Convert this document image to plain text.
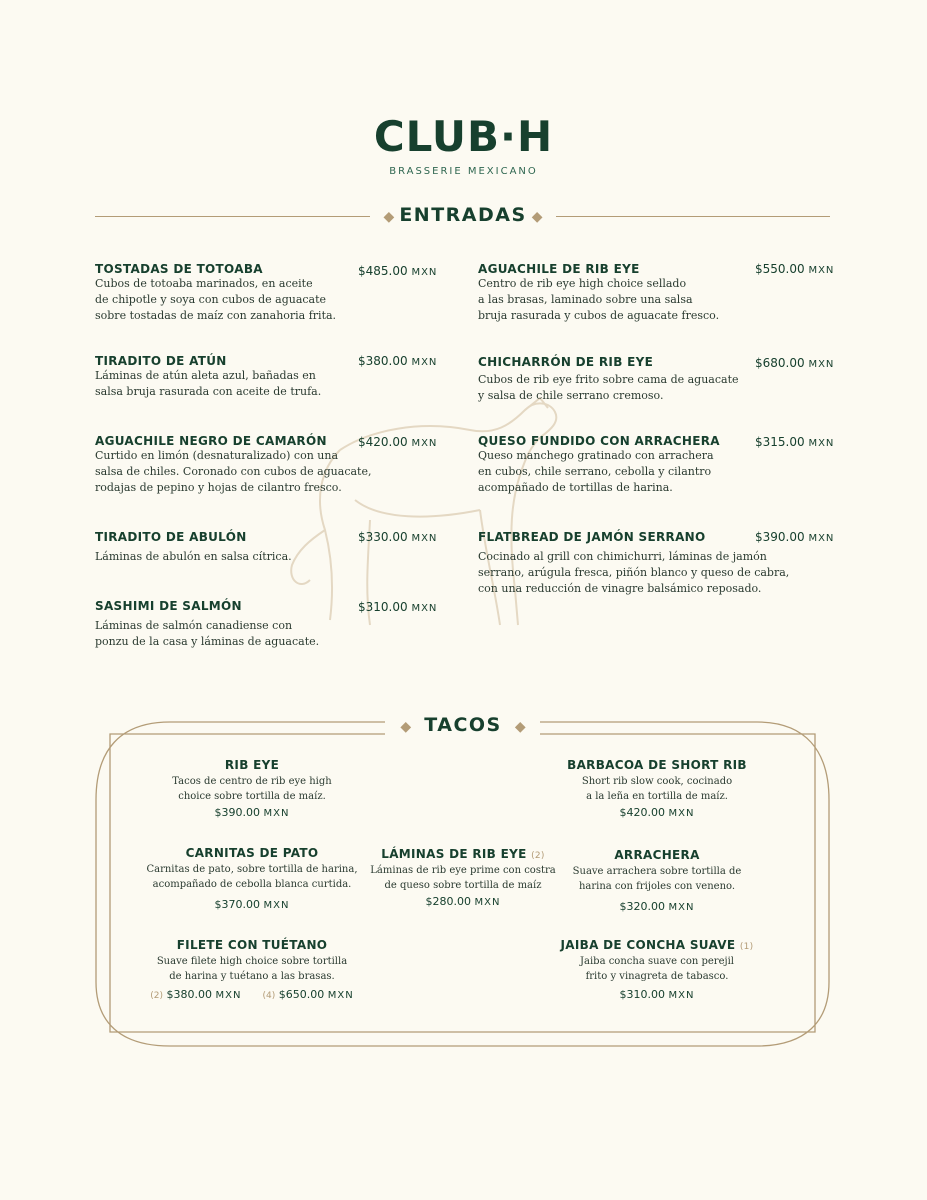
CLUB·H
BRASSERIE MEXICANO
◆ ENTRADAS ◆
TOSTADAS DE TOTOABA
Cubos de totoaba marinados, en aceite
de chipotle y soya con cubos de aguacate
sobre tostadas de maíz con zanahoria frita.
$485.00 MXN
TIRADITO DE ATÚN
Láminas de atún aleta azul, bañadas en
salsa bruja rasurada con aceite de trufa.
$380.00 MXN
AGUACHILE NEGRO DE CAMARÓN
Curtido en limón (desnaturalizado) con una
salsa de chiles. Coronado con cubos de aguacate,
rodajas de pepino y hojas de cilantro fresco.
$420.00 MXN
TIRADITO DE ABULÓN
Láminas de abulón en salsa cítrica.
$330.00 MXN
SASHIMI DE SALMÓN
Láminas de salmón canadiense con
ponzu de la casa y láminas de aguacate.
$310.00 MXN
AGUACHILE DE RIB EYE
Centro de rib eye high choice sellado
a las brasas, laminado sobre una salsa
bruja rasurada y cubos de aguacate fresco.
$550.00 MXN
CHICHARRÓN DE RIB EYE
Cubos de rib eye frito sobre cama de aguacate
y salsa de chile serrano cremoso.
$680.00 MXN
QUESO FUNDIDO CON ARRACHERA
Queso manchego gratinado con arrachera
en cubos, chile serrano, cebolla y cilantro
acompañado de tortillas de harina.
$315.00 MXN
FLATBREAD DE JAMÓN SERRANO
Cocinado al grill con chimichurri, láminas de jamón
serrano, arúgula fresca, piñón blanco y queso de cabra,
con una reducción de vinagre balsámico reposado.
$390.00 MXN
◆ TACOS ◆
RIB EYE
Tacos de centro de rib eye high
choice sobre tortilla de maíz.
$390.00 MXN
CARNITAS DE PATO
Carnitas de pato, sobre tortilla de harina,
acompañado de cebolla blanca curtida.
$370.00 MXN
FILETE CON TUÉTANO
Suave filete high choice sobre tortilla
de harina y tuétano a las brasas.
(2) $380.00 MXN (4) $650.00 MXN
LÁMINAS DE RIB EYE (2)
Láminas de rib eye prime con costra
de queso sobre tortilla de maíz
$280.00 MXN
BARBACOA DE SHORT RIB
Short rib slow cook, cocinado
a la leña en tortilla de maíz.
$420.00 MXN
ARRACHERA
Suave arrachera sobre tortilla de
harina con frijoles con veneno.
$320.00 MXN
JAIBA DE CONCHA SUAVE (1)
Jaiba concha suave con perejil
frito y vinagreta de tabasco.
$310.00 MXN
